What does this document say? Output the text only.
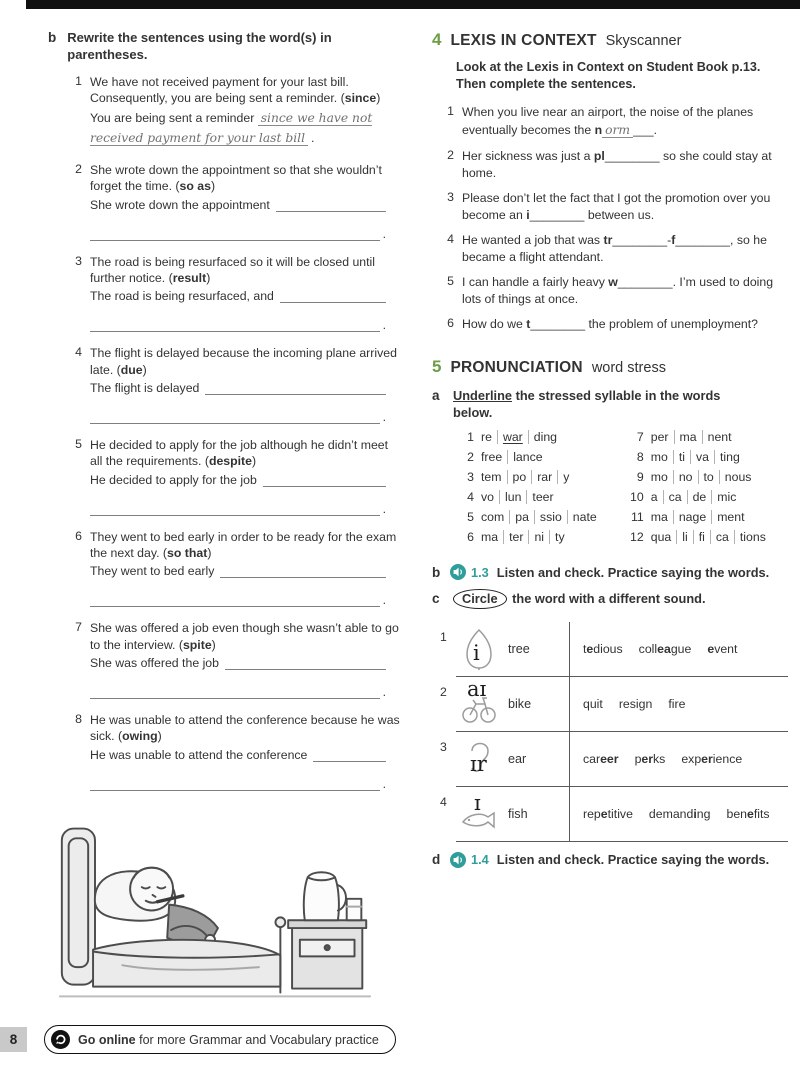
b Rewrite the sentences using the word(s) in parentheses.

1 We have not received payment for your last bill. Consequently, you are being sent a reminder. (since)

You are being sent a reminder since we have not received payment for your last bill .

2 She wrote down the appointment so that she wouldn’t forget the time. (so as)

She wrote down the appointment
.
3 The road is being resurfaced so it will be closed until further notice. (result)

The road is being resurfaced, and
.
4 The flight is delayed because the incoming plane arrived late. (due)

The flight is delayed
.
5 He decided to apply for the job although he didn’t meet all the requirements. (despite)

He decided to apply for the job
.
6 They went to bed early in order to be ready for the exam the next day. (so that)

They went to bed early
.
7 She was offered a job even though she wasn’t able to go to the interview. (spite)

She was offered the job
.
8 He was unable to attend the conference because he was sick. (owing)

He was unable to attend the conference
.
4 LEXIS IN CONTEXT Skyscanner

Look at the Lexis in Context on Student Book p.13. Then complete the sentences.

1 When you live near an airport, the noise of the planes eventually becomes the n orm ___.

2 Her sickness was just a pl________ so she could stay at home.

3 Please don’t let the fact that I got the promotion over you become an i________ between us.

4 He wanted a job that was tr________-f________, so he became a flight attendant.

5 I can handle a fairly heavy w________. I’m used to doing lots of things at once.

6 How do we t________ the problem of unemployment?

5 PRONUNCIATION word stress
a Underline the stressed syllable in the words below.

1 re war ding
2 free lance
3 tem po rar y
4 vo lun teer
5 com pa ssio nate
6 ma ter ni ty
7 per ma nent
8 mo ti va ting
9 mo no to nous
10 a ca de mic
11 ma nage ment
12 qua li fi ca tions
b 1.3 Listen and check. Practice saying the words.
c	Circle the word with a different sound.

1
i tree	tedious colleague event
2 aɪ
bike	quit resign fire
3
ɪr ear	career perks experience
4	ɪ fish	repetitive demanding benefits
d 1.4 Listen and check. Practice saying the words.
8	Go online for more Grammar and Vocabulary practice
